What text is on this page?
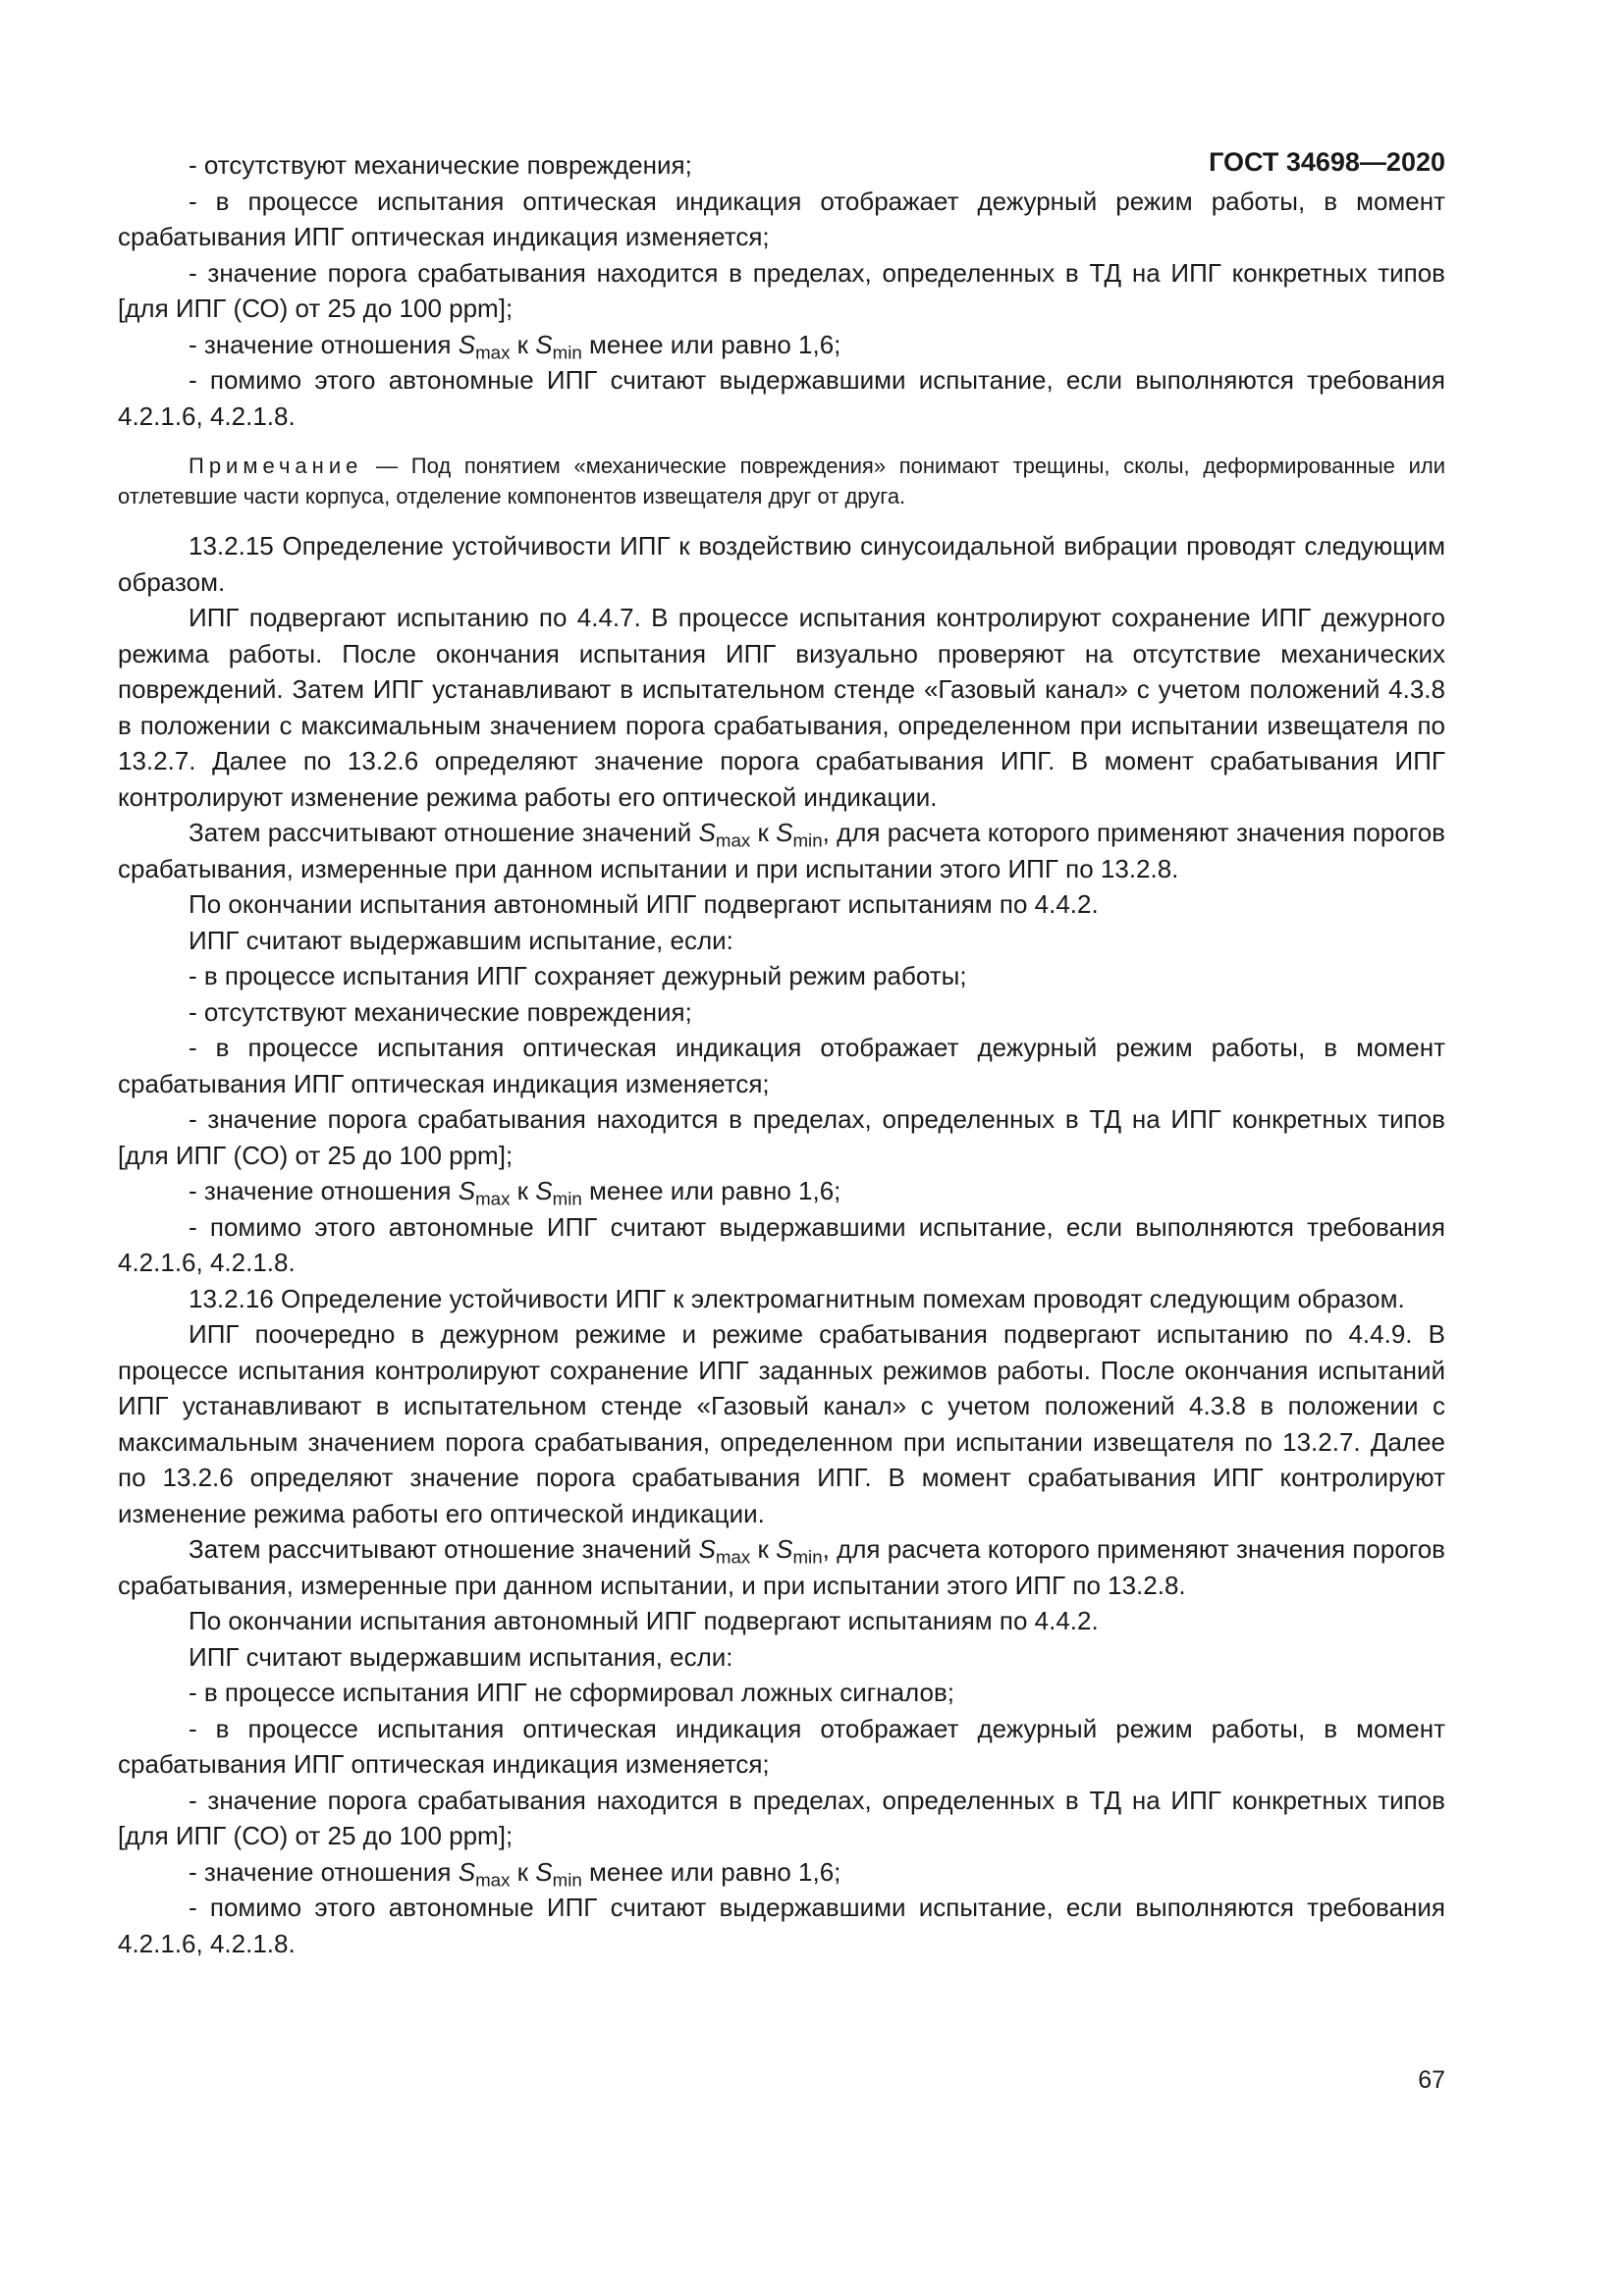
ГОСТ 34698—2020

- отсутствуют механические повреждения;

- в процессе испытания оптическая индикация отображает дежурный режим работы, в момент срабатывания ИПГ оптическая индикация изменяется;

- значение порога срабатывания находится в пределах, определенных в ТД на ИПГ конкретных типов [для ИПГ (СО) от 25 до 100 ppm];

- значение отношения $S_{max}$ к $S_{min}$ менее или равно 1,6;

- помимо этого автономные ИПГ считают выдержавшими испытание, если выполняются требования 4.2.1.6, 4.2.1.8.

Примечание — Под понятием «механические повреждения» понимают трещины, сколы, деформированные или отлетевшие части корпуса, отделение компонентов извещателя друг от друга.

13.2.15 Определение устойчивости ИПГ к воздействию синусоидальной вибрации проводят следующим образом.

ИПГ подвергают испытанию по 4.4.7. В процессе испытания контролируют сохранение ИПГ дежурного режима работы. После окончания испытания ИПГ визуально проверяют на отсутствие механических повреждений. Затем ИПГ устанавливают в испытательном стенде «Газовый канал» с учетом положений 4.3.8 в положении с максимальным значением порога срабатывания, определенном при испытании извещателя по 13.2.7. Далее по 13.2.6 определяют значение порога срабатывания ИПГ. В момент срабатывания ИПГ контролируют изменение режима работы его оптической индикации.

Затем рассчитывают отношение значений $S_{max}$ к $S_{min}$, для расчета которого применяют значения порогов срабатывания, измеренные при данном испытании и при испытании этого ИПГ по 13.2.8.

По окончании испытания автономный ИПГ подвергают испытаниям по 4.4.2.

ИПГ считают выдержавшим испытание, если:

- в процессе испытания ИПГ сохраняет дежурный режим работы;

- отсутствуют механические повреждения;

- в процессе испытания оптическая индикация отображает дежурный режим работы, в момент срабатывания ИПГ оптическая индикация изменяется;

- значение порога срабатывания находится в пределах, определенных в ТД на ИПГ конкретных типов [для ИПГ (СО) от 25 до 100 ppm];

- значение отношения $S_{max}$ к $S_{min}$ менее или равно 1,6;

- помимо этого автономные ИПГ считают выдержавшими испытание, если выполняются требования 4.2.1.6, 4.2.1.8.

13.2.16 Определение устойчивости ИПГ к электромагнитным помехам проводят следующим образом.

ИПГ поочередно в дежурном режиме и режиме срабатывания подвергают испытанию по 4.4.9. В процессе испытания контролируют сохранение ИПГ заданных режимов работы. После окончания испытаний ИПГ устанавливают в испытательном стенде «Газовый канал» с учетом положений 4.3.8 в положении с максимальным значением порога срабатывания, определенном при испытании извещателя по 13.2.7. Далее по 13.2.6 определяют значение порога срабатывания ИПГ. В момент срабатывания ИПГ контролируют изменение режима работы его оптической индикации.

Затем рассчитывают отношение значений $S_{max}$ к $S_{min}$, для расчета которого применяют значения порогов срабатывания, измеренные при данном испытании, и при испытании этого ИПГ по 13.2.8.

По окончании испытания автономный ИПГ подвергают испытаниям по 4.4.2.

ИПГ считают выдержавшим испытания, если:

- в процессе испытания ИПГ не сформировал ложных сигналов;

- в процессе испытания оптическая индикация отображает дежурный режим работы, в момент срабатывания ИПГ оптическая индикация изменяется;

- значение порога срабатывания находится в пределах, определенных в ТД на ИПГ конкретных типов [для ИПГ (СО) от 25 до 100 ppm];

- значение отношения $S_{max}$ к $S_{min}$ менее или равно 1,6;

- помимо этого автономные ИПГ считают выдержавшими испытание, если выполняются требования 4.2.1.6, 4.2.1.8.

67
